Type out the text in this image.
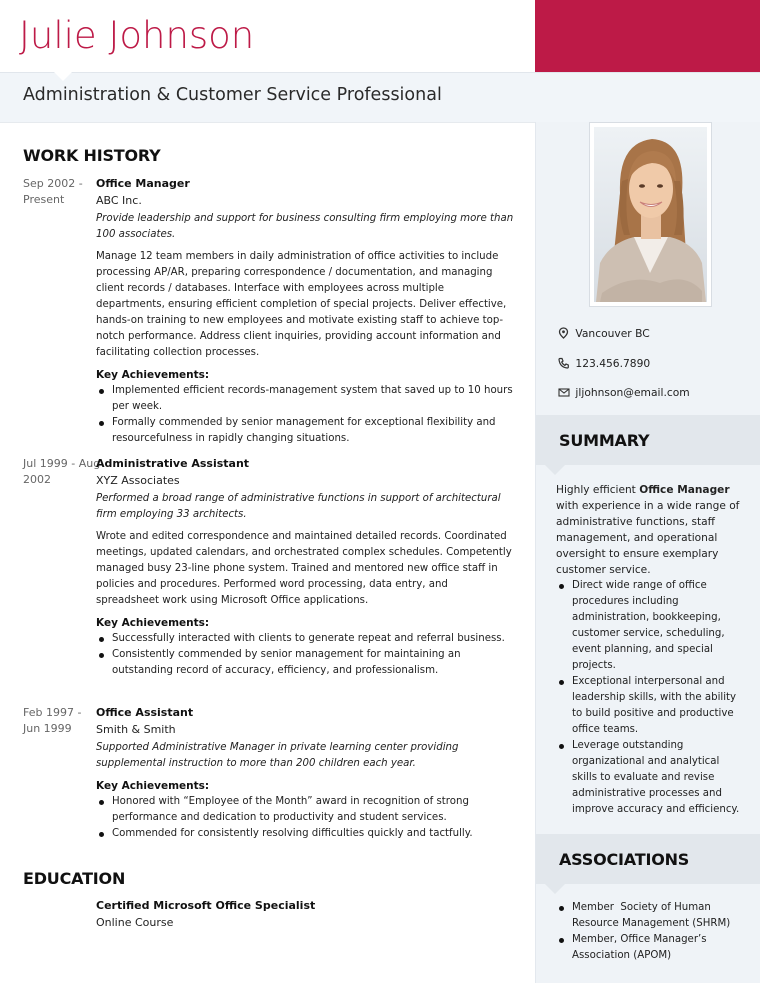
Julie Johnson
Administration & Customer Service Professional
WORK HISTORY
Sep 2002 -
Present
Office Manager
ABC Inc.
Provide leadership and support for business consulting firm employing more than 100 associates.
Manage 12 team members in daily administration of office activities to include processing AP/AR, preparing correspondence / documentation, and managing client records / databases. Interface with employees across multiple departments, ensuring efficient completion of special projects. Deliver effective, hands-on training to new employees and motivate existing staff to achieve top-notch performance. Address client inquiries, providing account information and facilitating collection processes.
Key Achievements:
Implemented efficient records-management system that saved up to 10 hours per week.
Formally commended by senior management for exceptional flexibility and resourcefulness in rapidly changing situations.
Jul 1999 - Aug
2002
Administrative Assistant
XYZ Associates
Performed a broad range of administrative functions in support of architectural firm employing 33 architects.
Wrote and edited correspondence and maintained detailed records. Coordinated meetings, updated calendars, and orchestrated complex schedules. Competently managed busy 23-line phone system. Trained and mentored new office staff in policies and procedures. Performed word processing, data entry, and spreadsheet work using Microsoft Office applications.
Key Achievements:
Successfully interacted with clients to generate repeat and referral business.
Consistently commended by senior management for maintaining an outstanding record of accuracy, efficiency, and professionalism.
Feb 1997 -
Jun 1999
Office Assistant
Smith & Smith
Supported Administrative Manager in private learning center providing supplemental instruction to more than 200 children each year.
Key Achievements:
Honored with “Employee of the Month” award in recognition of strong performance and dedication to productivity and student services.
Commended for consistently resolving difficulties quickly and tactfully.
EDUCATION
Certified Microsoft Office Specialist
Online Course
Vancouver BC
123.456.7890
jljohnson@email.com
SUMMARY
Highly efficient Office Manager with experience in a wide range of administrative functions, staff management, and operational oversight to ensure exemplary customer service.
Direct wide range of office procedures including administration, bookkeeping, customer service, scheduling, event planning, and special projects.
Exceptional interpersonal and leadership skills, with the ability to build positive and productive office teams.
Leverage outstanding organizational and analytical skills to evaluate and revise administrative processes and improve accuracy and efficiency.
ASSOCIATIONS
Member  Society of Human Resource Management (SHRM)
Member, Office Manager’s Association (APOM)
